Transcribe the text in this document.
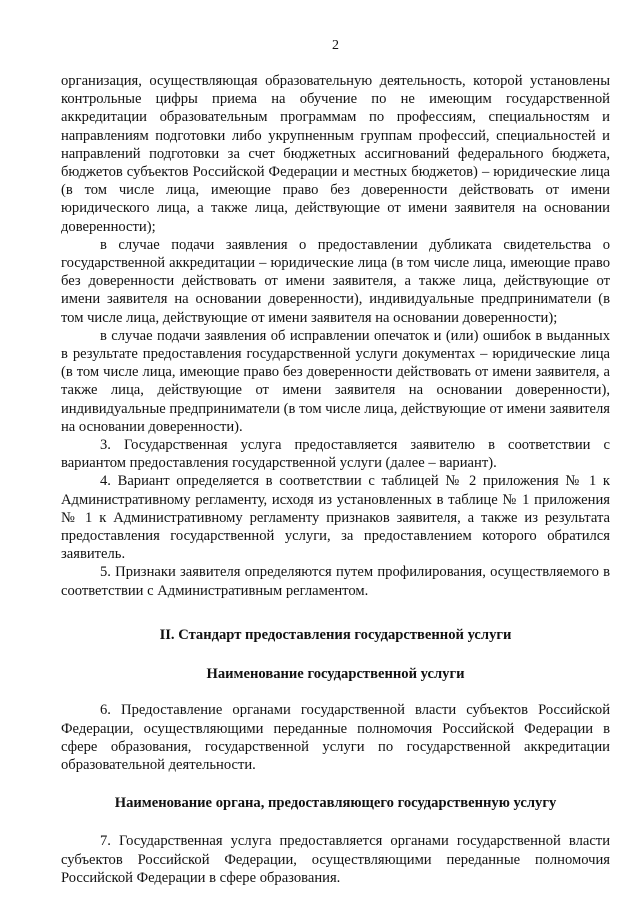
2

организация, осуществляющая образовательную деятельность, которой установлены контрольные цифры приема на обучение по не имеющим государственной аккредитации образовательным программам по профессиям, специальностям и направлениям подготовки либо укрупненным группам профессий, специальностей и направлений подготовки за счет бюджетных ассигнований федерального бюджета, бюджетов субъектов Российской Федерации и местных бюджетов) – юридические лица (в том числе лица, имеющие право без доверенности действовать от имени юридического лица, а также лица, действующие от имени заявителя на основании доверенности);

в случае подачи заявления о предоставлении дубликата свидетельства о государственной аккредитации – юридические лица (в том числе лица, имеющие право без доверенности действовать от имени заявителя, а также лица, действующие от имени заявителя на основании доверенности), индивидуальные предприниматели (в том числе лица, действующие от имени заявителя на основании доверенности);

в случае подачи заявления об исправлении опечаток и (или) ошибок в выданных в результате предоставления государственной услуги документах – юридические лица (в том числе лица, имеющие право без доверенности действовать от имени заявителя, а также лица, действующие от имени заявителя на основании доверенности), индивидуальные предприниматели (в том числе лица, действующие от имени заявителя на основании доверенности).

3. Государственная услуга предоставляется заявителю в соответствии с вариантом предоставления государственной услуги (далее – вариант).

4. Вариант определяется в соответствии с таблицей № 2 приложения № 1 к Административному регламенту, исходя из установленных в таблице № 1 приложения № 1 к Административному регламенту признаков заявителя, а также из результата предоставления государственной услуги, за предоставлением которого обратился заявитель.

5. Признаки заявителя определяются путем профилирования, осуществляемого в соответствии с Административным регламентом.

II. Стандарт предоставления государственной услуги
Наименование государственной услуги

6. Предоставление органами государственной власти субъектов Российской Федерации, осуществляющими переданные полномочия Российской Федерации в сфере образования, государственной услуги по государственной аккредитации образовательной деятельности.

Наименование органа, предоставляющего государственную услугу

7. Государственная услуга предоставляется органами государственной власти субъектов Российской Федерации, осуществляющими переданные полномочия Российской Федерации в сфере образования.
